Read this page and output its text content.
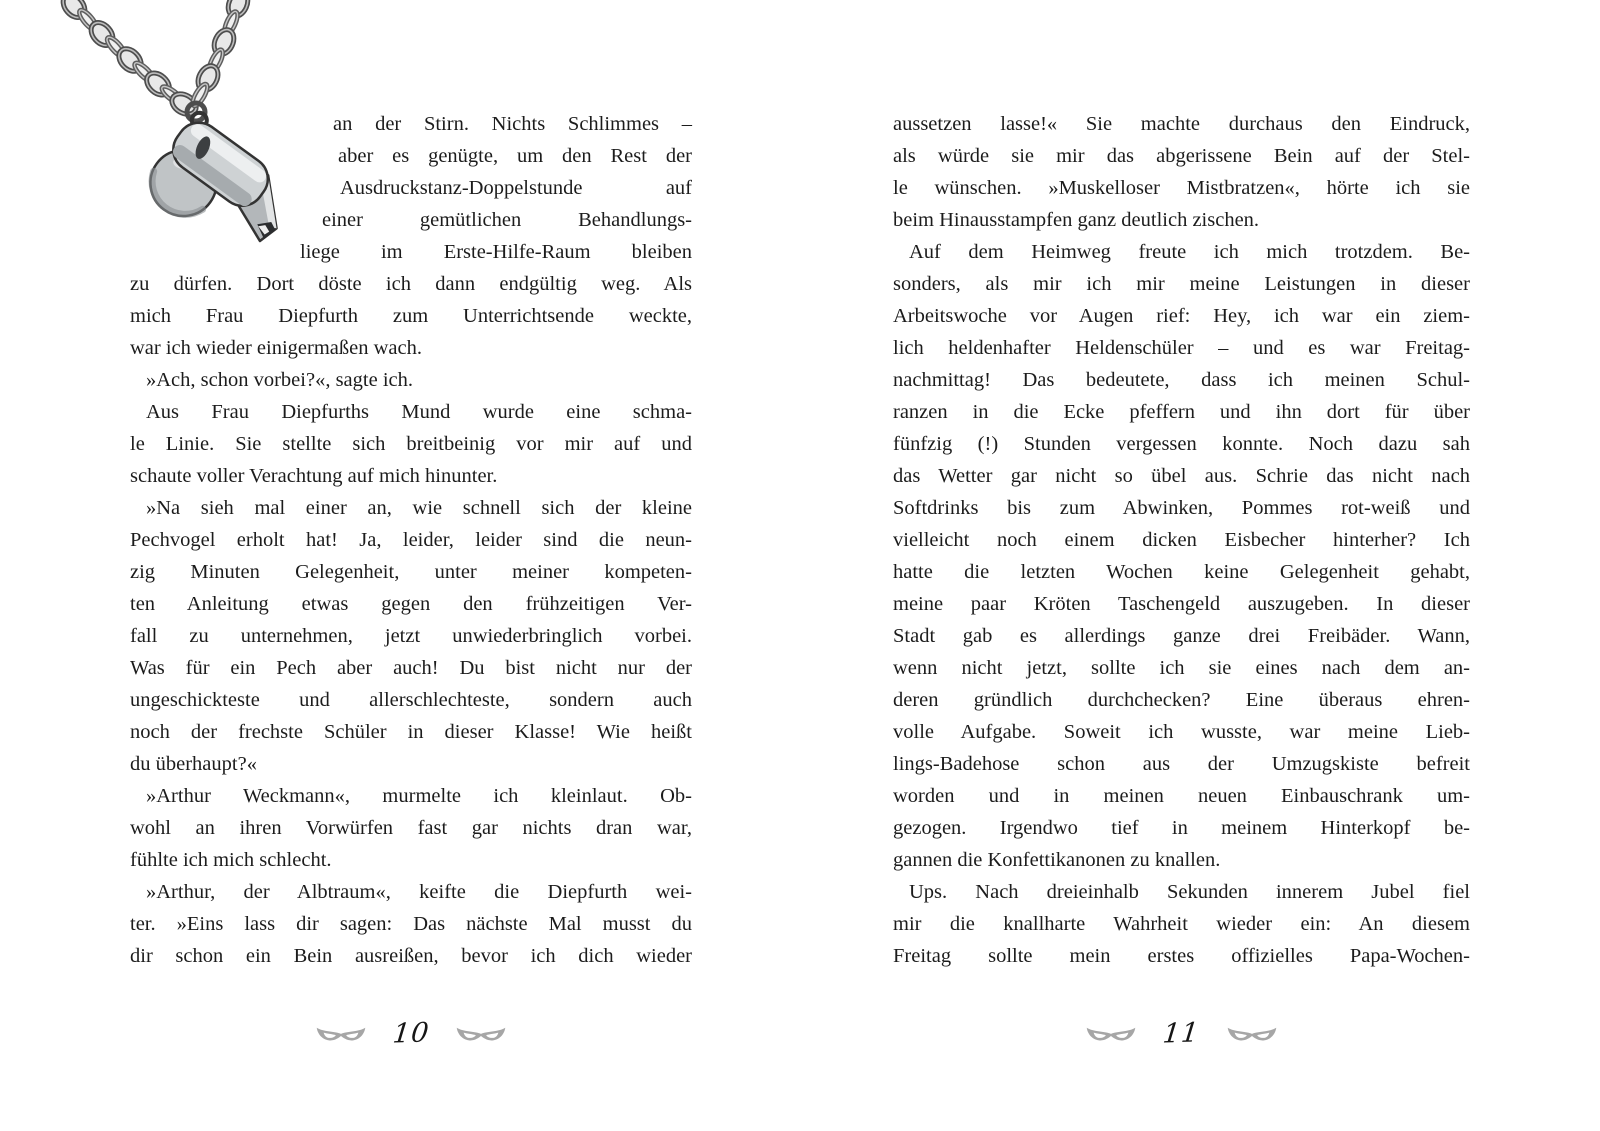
an der Stirn. Nichts Schlimmes –
aber es genügte, um den Rest der
Ausdruckstanz-Doppelstunde auf
einer gemütlichen Behandlungs-
liege im Erste-Hilfe-Raum bleiben
zu dürfen. Dort döste ich dann endgültig weg. Als
mich Frau Diepfurth zum Unterrichtsende weckte,
war ich wieder einigermaßen wach.
»Ach, schon vorbei?«, sagte ich.
Aus Frau Diepfurths Mund wurde eine schma-
le Linie. Sie stellte sich breitbeinig vor mir auf und
schaute voller Verachtung auf mich hinunter.
»Na sieh mal einer an, wie schnell sich der kleine
Pechvogel erholt hat! Ja, leider, leider sind die neun-
zig Minuten Gelegenheit, unter meiner kompeten-
ten Anleitung etwas gegen den frühzeitigen Ver-
fall zu unternehmen, jetzt unwiederbringlich vorbei.
Was für ein Pech aber auch! Du bist nicht nur der
ungeschickteste und allerschlechteste, sondern auch
noch der frechste Schüler in dieser Klasse! Wie heißt
du überhaupt?«
»Arthur Weckmann«, murmelte ich kleinlaut. Ob-
wohl an ihren Vorwürfen fast gar nichts dran war,
fühlte ich mich schlecht.
»Arthur, der Albtraum«, keifte die Diepfurth wei-
ter. »Eins lass dir sagen: Das nächste Mal musst du
dir schon ein Bein ausreißen, bevor ich dich wieder
10
aussetzen lasse!« Sie machte durchaus den Eindruck,
als würde sie mir das abgerissene Bein auf der Stel-
le wünschen. »Muskelloser Mistbratzen«, hörte ich sie
beim Hinausstampfen ganz deutlich zischen.
Auf dem Heimweg freute ich mich trotzdem. Be-
sonders, als mir ich mir meine Leistungen in dieser
Arbeitswoche vor Augen rief: Hey, ich war ein ziem-
lich heldenhafter Heldenschüler – und es war Freitag-
nachmittag! Das bedeutete, dass ich meinen Schul-
ranzen in die Ecke pfeffern und ihn dort für über
fünfzig (!) Stunden vergessen konnte. Noch dazu sah
das Wetter gar nicht so übel aus. Schrie das nicht nach
Softdrinks bis zum Abwinken, Pommes rot-weiß und
vielleicht noch einem dicken Eisbecher hinterher? Ich
hatte die letzten Wochen keine Gelegenheit gehabt,
meine paar Kröten Taschengeld auszugeben. In dieser
Stadt gab es allerdings ganze drei Freibäder. Wann,
wenn nicht jetzt, sollte ich sie eines nach dem an-
deren gründlich durchchecken? Eine überaus ehren-
volle Aufgabe. Soweit ich wusste, war meine Lieb-
lings-Badehose schon aus der Umzugskiste befreit
worden und in meinen neuen Einbauschrank um-
gezogen. Irgendwo tief in meinem Hinterkopf be-
gannen die Konfettikanonen zu knallen.
Ups. Nach dreieinhalb Sekunden innerem Jubel fiel
mir die knallharte Wahrheit wieder ein: An diesem
Freitag sollte mein erstes offizielles Papa-Wochen-
11
